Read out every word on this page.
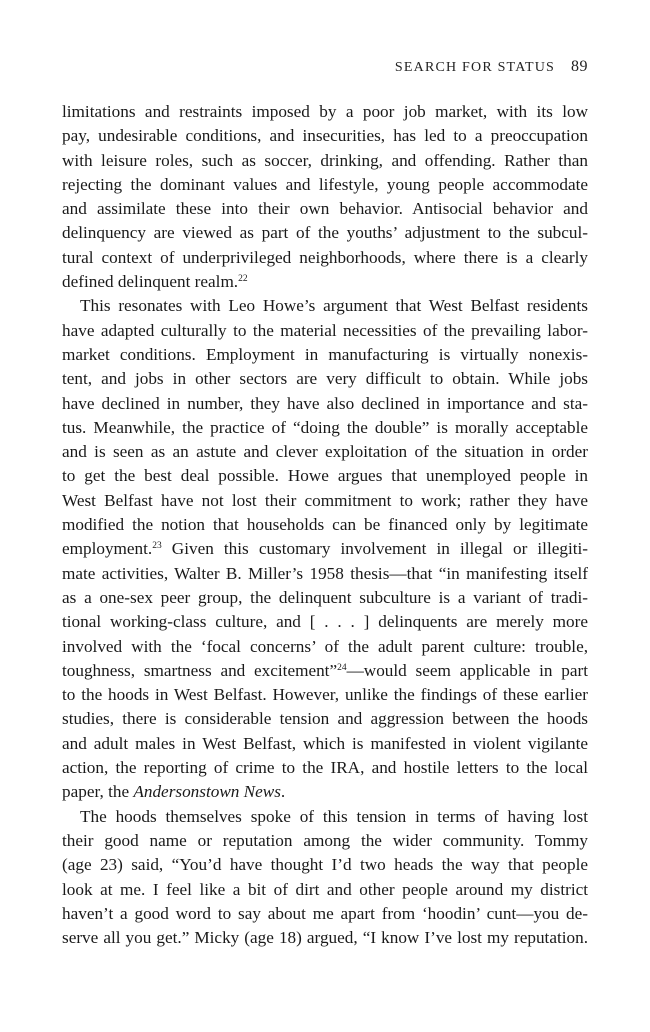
SEARCH FOR STATUS 89
limitations and restraints imposed by a poor job market, with its low
pay, undesirable conditions, and insecurities, has led to a preoccupation
with leisure roles, such as soccer, drinking, and offending. Rather than
rejecting the dominant values and lifestyle, young people accommodate
and assimilate these into their own behavior. Antisocial behavior and
delinquency are viewed as part of the youths’ adjustment to the subcul-
tural context of underprivileged neighborhoods, where there is a clearly
defined delinquent realm.$^{22}$
This resonates with Leo Howe’s argument that West Belfast residents
have adapted culturally to the material necessities of the prevailing labor-
market conditions. Employment in manufacturing is virtually nonexis-
tent, and jobs in other sectors are very difficult to obtain. While jobs
have declined in number, they have also declined in importance and sta-
tus. Meanwhile, the practice of “doing the double” is morally acceptable
and is seen as an astute and clever exploitation of the situation in order
to get the best deal possible. Howe argues that unemployed people in
West Belfast have not lost their commitment to work; rather they have
modified the notion that households can be financed only by legitimate
employment.$^{23}$ Given this customary involvement in illegal or illegiti-
mate activities, Walter B. Miller’s 1958 thesis—that “in manifesting itself
as a one-sex peer group, the delinquent subculture is a variant of tradi-
tional working-class culture, and [ . . . ] delinquents are merely more
involved with the ‘focal concerns’ of the adult parent culture: trouble,
toughness, smartness and excitement”$^{24}$—would seem applicable in part
to the hoods in West Belfast. However, unlike the findings of these earlier
studies, there is considerable tension and aggression between the hoods
and adult males in West Belfast, which is manifested in violent vigilante
action, the reporting of crime to the IRA, and hostile letters to the local
paper, the Andersonstown News.
The hoods themselves spoke of this tension in terms of having lost
their good name or reputation among the wider community. Tommy
(age 23) said, “You’d have thought I’d two heads the way that people
look at me. I feel like a bit of dirt and other people around my district
haven’t a good word to say about me apart from ‘hoodin’ cunt—you de-
serve all you get.” Micky (age 18) argued, “I know I’ve lost my reputation.
